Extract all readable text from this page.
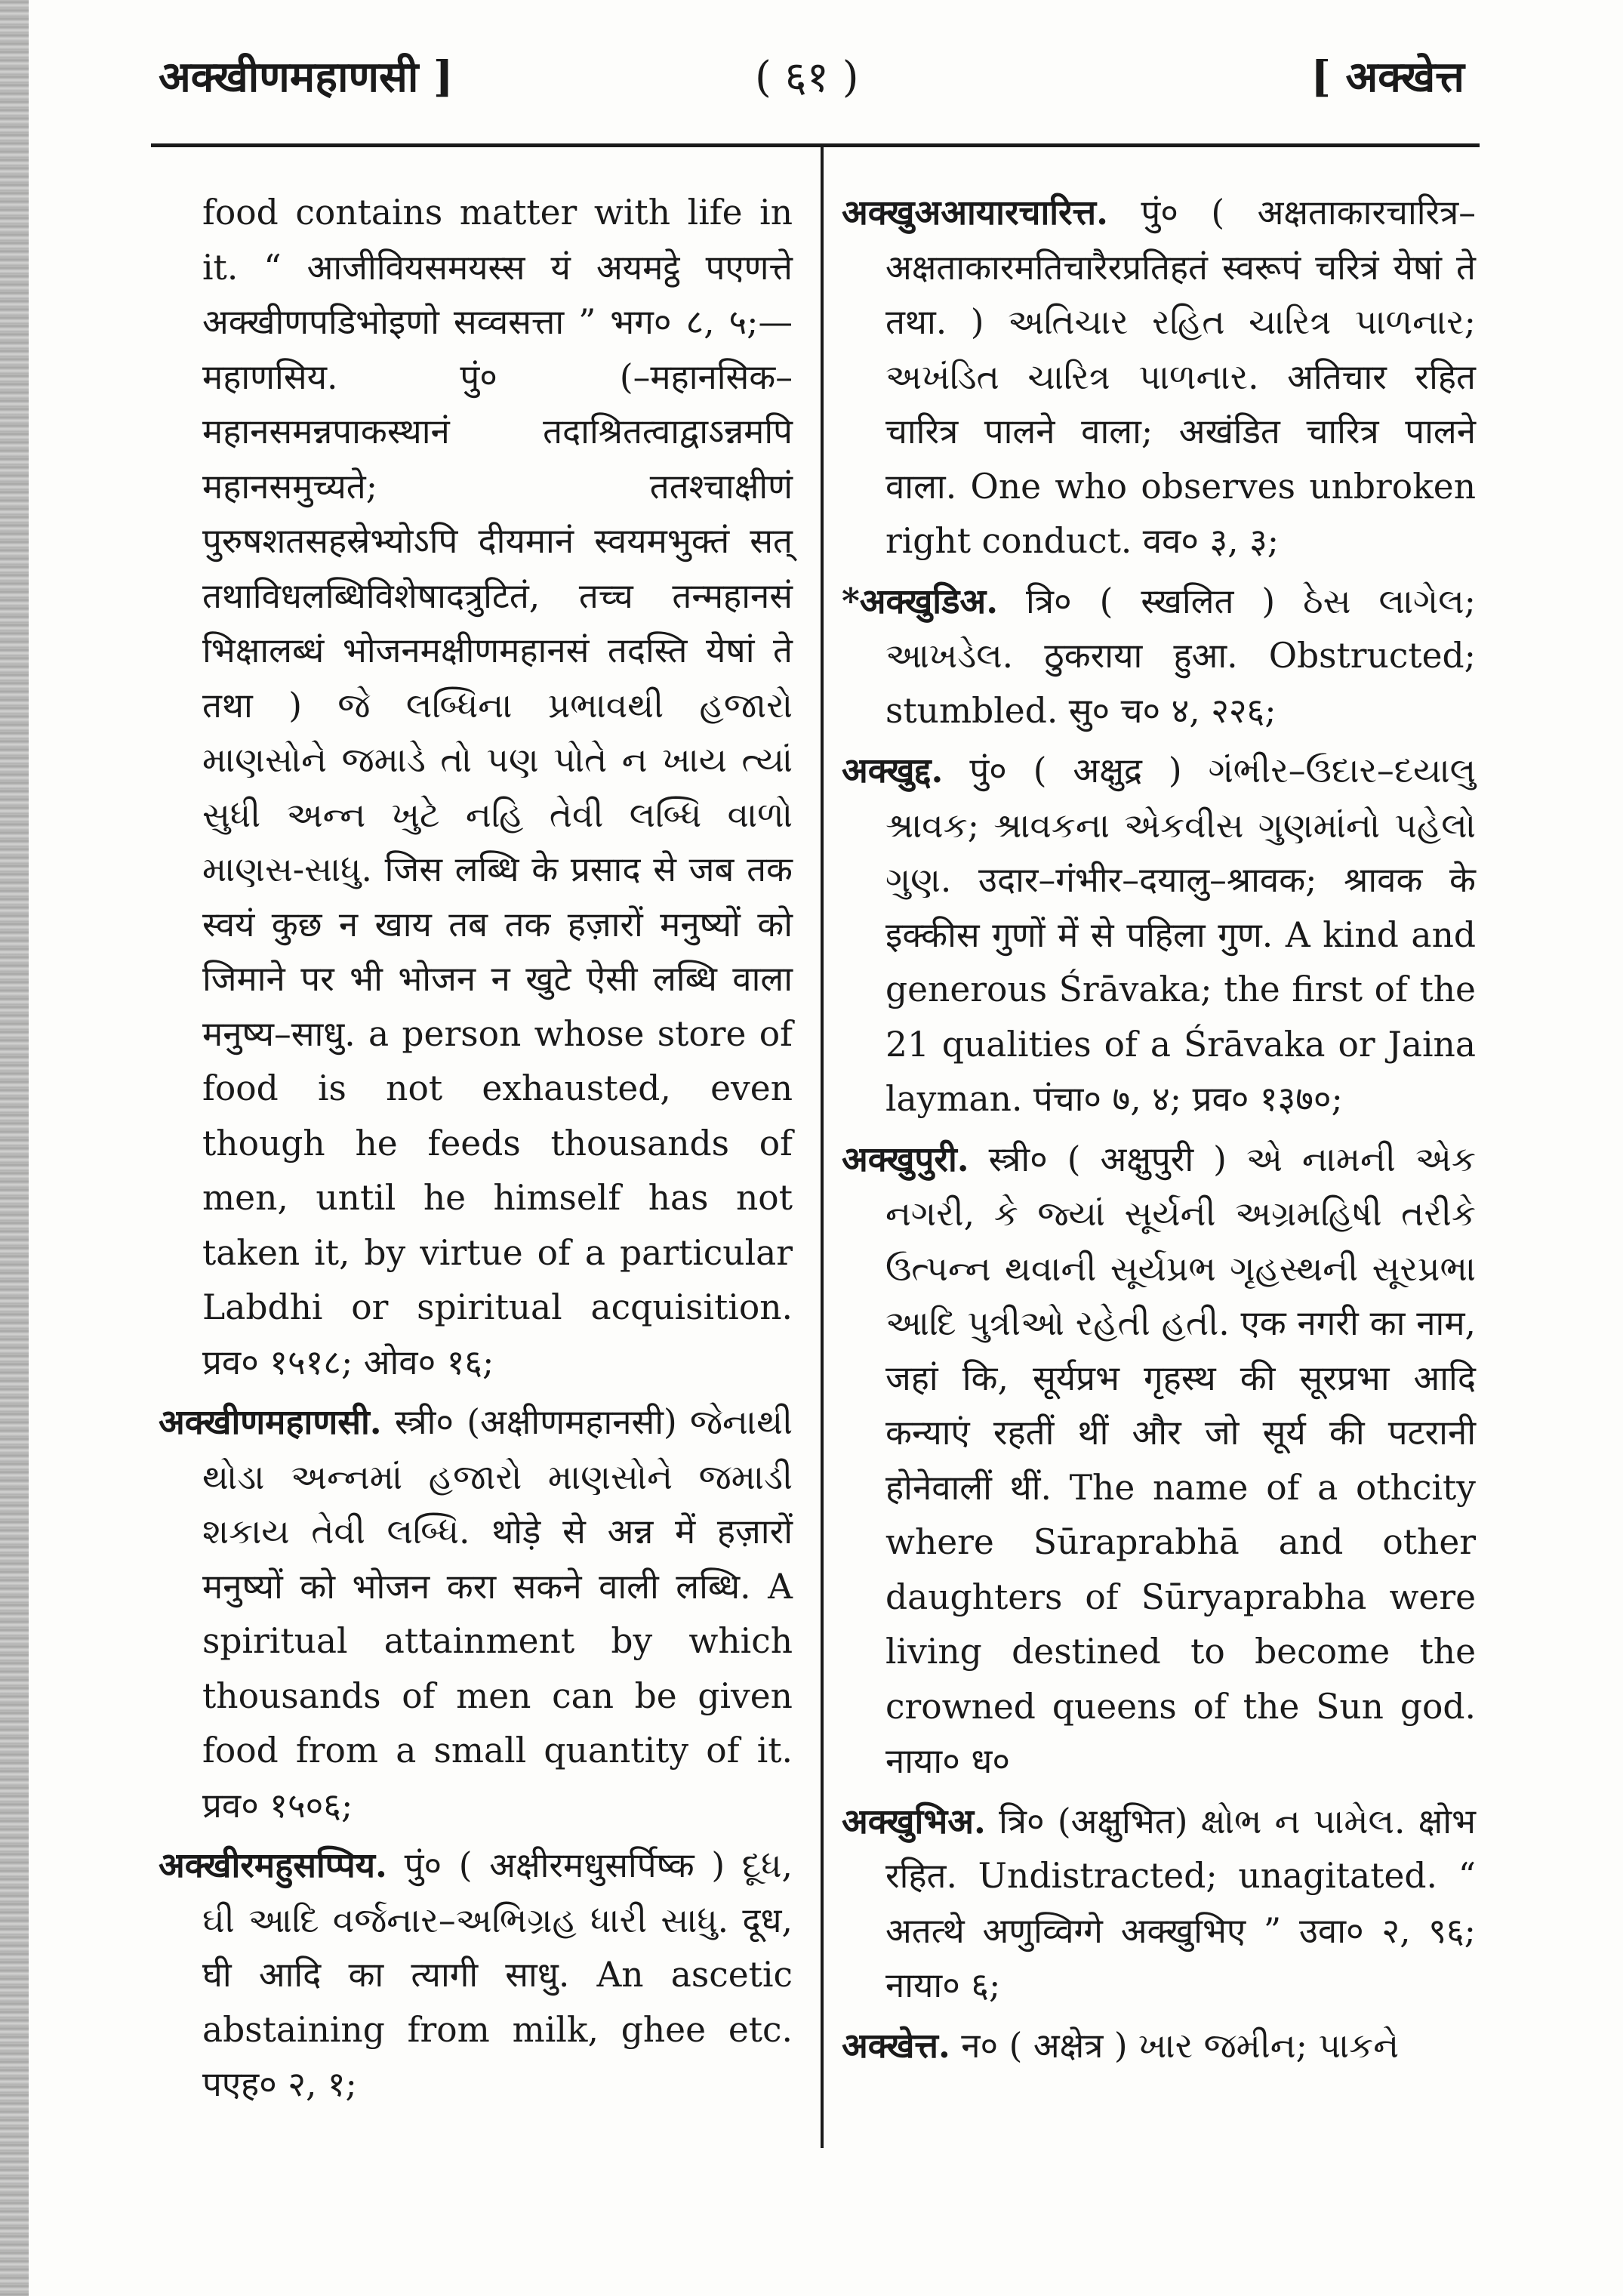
अक्खीणमहाणसी ]	( ६१ )	[ अक्खेत्त

food contains matter with life in it. “ आजीवियसमयस्स यं अयमट्ठे पएणत्ते अक्खीणपडिभोइणो सव्वसत्ता ” भग० ८, ५;—महाणसिय. पुं० (–महानसिक–महानसमन्नपाकस्थानं तदाश्रितत्वाद्वाऽन्नमपि महानसमुच्यते; ततश्चाक्षीणं पुरुषशतसहस्रेभ्योऽपि दीयमानं स्वयमभुक्तं सत् तथाविधलब्धिविशेषादत्रुटितं, तच्च तन्महानसं भिक्षालब्धं भोजनमक्षीणमहानसं तदस्ति येषां ते तथा ) જે લબ્ધિના પ્રભાવથી હજારો માણસોને જમાડે તો પણ પોતે ન ખાય ત્યાં સુધી અન્ન ખુટે નહિ તેવી લબ્ધિ વાળો માણસ-સાધુ. जिस लब्धि के प्रसाद से जब तक स्वयं कुछ न खाय तब तक हज़ारों मनुष्यों को जिमाने पर भी भोजन न खुटे ऐसी लब्धि वाला मनुष्य–साधु. a person whose store of food is not exhausted, even though he feeds thousands of men, until he himself has not taken it, by virtue of a particular Labdhi or spiritual acquisition. प्रव० १५१८; ओव० १६;

अक्खीणमहाणसी. स्त्री० (अक्षीणमहानसी) જેનાથી થોડા અન્નમાં હજારો માણસોને જમાડી શકાય તેવી લબ્ધિ. थोड़े से अन्न में हज़ारों मनुष्यों को भोजन करा सकने वाली लब्धि. A spiritual attainment by which thousands of men can be given food from a small quantity of it. प्रव० १५०६;

अक्खीरमहुसप्पिय. पुं० ( अक्षीरमधुसर्पिष्क ) દૂધ, ઘી આદિ વર્જનાર–અભિગ્રહ ધારી સાધુ. दूध, घी आदि का त्यागी साधु. An ascetic abstaining from milk, ghee etc. पएह० २, १;

अक्खुअआयारचारित्त. पुं० ( अक्षताकारचारित्र–अक्षताकारमतिचारैरप्रतिहतं स्वरूपं चरित्रं येषां ते तथा. ) અતિચાર રહિત ચારિત્ર પાળનાર; અખંડિત ચારિત્ર પાળનાર. अतिचार रहित चारित्र पालने वाला; अखंडित चारित्र पालने वाला. One who observes unbroken right conduct. वव० ३, ३;

*अक्खुडिअ. त्रि० ( स्खलित ) ઠેસ લાગેલ; આખડેલ. ठुकराया हुआ. Obstructed; stumbled. सु० च० ४, २२६;

अक्खुद्द. पुं० ( अक्षुद्र ) ગંભીર–ઉદાર–દયાલુ શ્રાવક; શ્રાવકના એકવીસ ગુણમાંનો પહેલો ગુણ. उदार–गंभीर–दयालु–श्रावक; श्रावक के इक्कीस गुणों में से पहिला गुण. A kind and generous Śrāvaka; the first of the 21 qualities of a Śrāvaka or Jaina layman. पंचा० ७, ४; प्रव० १३७०;

अक्खुपुरी. स्त्री० ( अक्षुपुरी ) એ નામની એક નગરી, કે જ્યાં સૂર્યની અગ્રમહિષી તરીકે ઉત્પન્ન થવાની સૂર્યપ્રભ ગૃહસ્થની સૂરપ્રભા આદિ પુત્રીઓ રહેતી હતી. एक नगरी का नाम, जहां कि, सूर्यप्रभ गृहस्थ की सूरप्रभा आदि कन्याएं रहतीं थीं और जो सूर्य की पटरानी होनेवालीं थीं. The name of a othcity where Sūraprabhā and other daughters of Sūryaprabha were living destined to become the crowned queens of the Sun god. नाया० ध०

अक्खुभिअ. त्रि० (अक्षुभित) ક્ષોભ ન પામેલ. क्षोभ रहित. Undistracted; unagitated. “ अतत्थे अणुव्विग्गे अक्खुभिए ” उवा० २, ९६; नाया० ६;

अक्खेत्त. न० ( अक्षेत्र ) ખાર જમીન; પાકને
